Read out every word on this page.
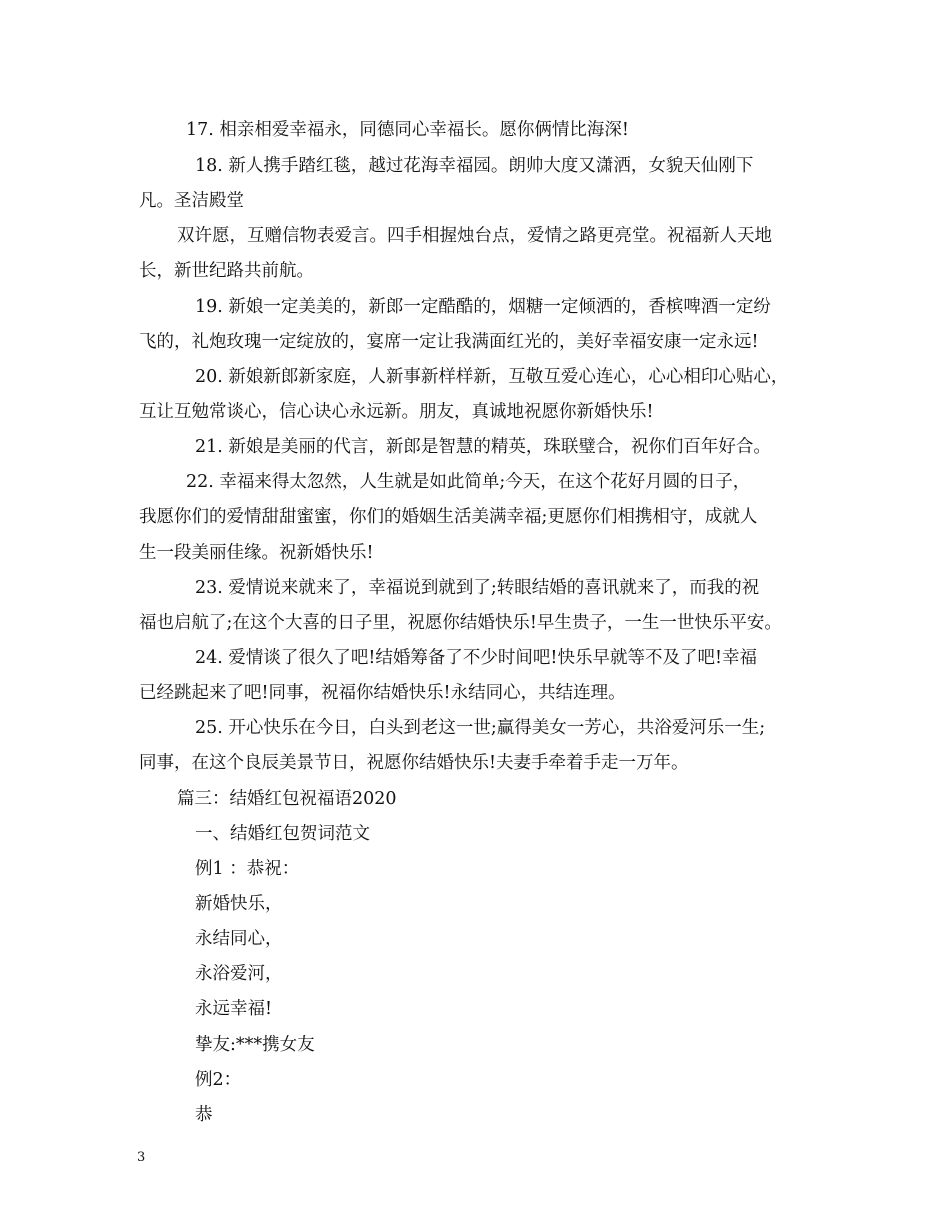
17. 相亲相爱幸福永，同德同心幸福长。愿你俩情比海深!

18. 新人携手踏红毯，越过花海幸福园。朗帅大度又潇洒，女貌天仙刚下

凡。圣洁殿堂

双许愿，互赠信物表爱言。四手相握烛台点，爱情之路更亮堂。祝福新人天地

长，新世纪路共前航。

19. 新娘一定美美的，新郎一定酷酷的，烟糖一定倾洒的，香槟啤酒一定纷

飞的，礼炮玫瑰一定绽放的，宴席一定让我满面红光的，美好幸福安康一定永远!

20. 新娘新郎新家庭，人新事新样样新，互敬互爱心连心，心心相印心贴心，

互让互勉常谈心，信心诀心永远新。朋友，真诚地祝愿你新婚快乐!

21. 新娘是美丽的代言，新郎是智慧的精英，珠联璧合，祝你们百年好合。

22. 幸福来得太忽然，人生就是如此简单;今天，在这个花好月圆的日子，

我愿你们的爱情甜甜蜜蜜，你们的婚姻生活美满幸福;更愿你们相携相守，成就人

生一段美丽佳缘。祝新婚快乐!

23. 爱情说来就来了，幸福说到就到了;转眼结婚的喜讯就来了，而我的祝

福也启航了;在这个大喜的日子里，祝愿你结婚快乐!早生贵子，一生一世快乐平安。

24. 爱情谈了很久了吧!结婚筹备了不少时间吧!快乐早就等不及了吧!幸福

已经跳起来了吧!同事，祝福你结婚快乐!永结同心，共结连理。

25. 开心快乐在今日，白头到老这一世;赢得美女一芳心，共浴爱河乐一生;

同事，在这个良辰美景节日，祝愿你结婚快乐!夫妻手牵着手走一万年。

篇三：结婚红包祝福语2020

一、结婚红包贺词范文

例1 ：恭祝：

新婚快乐，

永结同心，

永浴爱河，

永远幸福!

挚友:***携女友

例2：

恭

3
